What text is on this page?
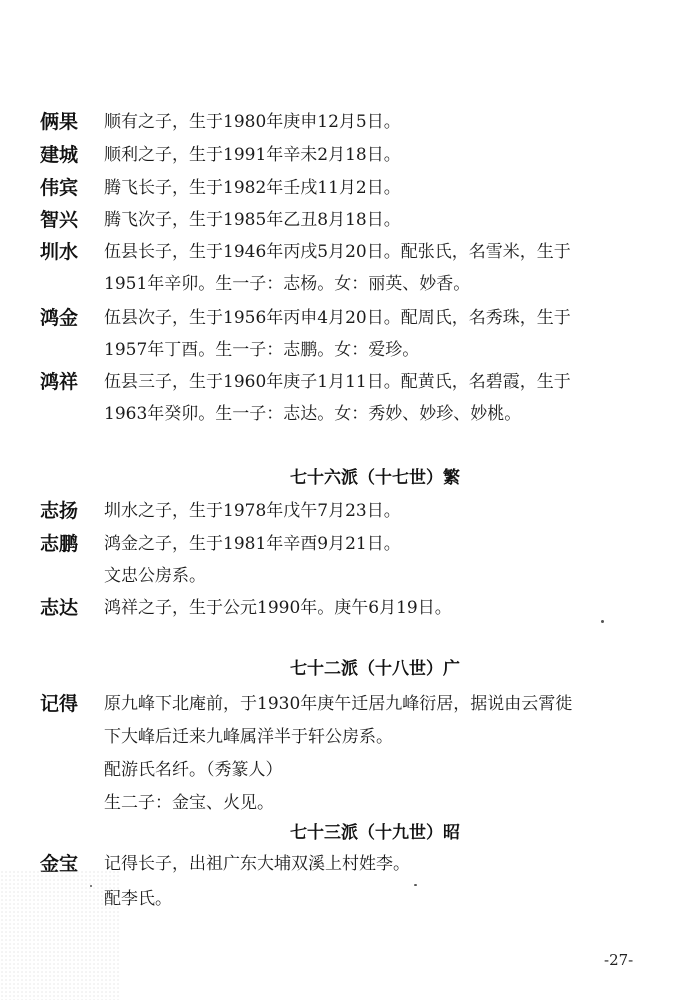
俩果 顺有之子，生于1980年庚申12月5日。
建城 顺利之子，生于1991年辛未2月18日。
伟宾 腾飞长子，生于1982年壬戌11月2日。
智兴 腾飞次子，生于1985年乙丑8月18日。
圳水 伍县长子，生于1946年丙戌5月20日。配张氏，名雪米，生于
1951年辛卯。生一子：志杨。女：丽英、妙香。
鸿金 伍县次子，生于1956年丙申4月20日。配周氏，名秀珠，生于
1957年丁酉。生一子：志鹏。女：爱珍。
鸿祥 伍县三子，生于1960年庚子1月11日。配黄氏，名碧霞，生于
1963年癸卯。生一子：志达。女：秀妙、妙珍、妙桃。
七十六派（十七世）繁
志扬 圳水之子，生于1978年戊午7月23日。
志鹏 鸿金之子，生于1981年辛酉9月21日。
文忠公房系。
志达 鸿祥之子，生于公元1990年。庚午6月19日。
七十二派（十八世）广
记得 原九峰下北庵前，于1930年庚午迁居九峰衍居，据说由云霄徙
下大峰后迁来九峰属洋半于轩公房系。
配游氏名纤。（秀篆人）
生二子：金宝、火见。
七十三派（十九世）昭
金宝 记得长子，出祖广东大埔双溪上村姓李。
配李氏。
-27-
